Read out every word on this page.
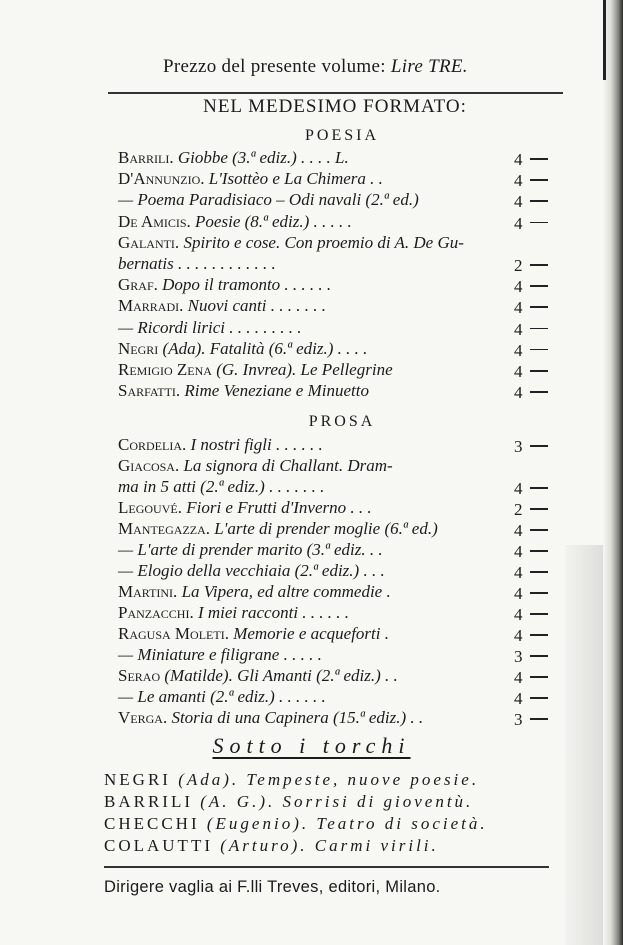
Prezzo del presente volume: Lire TRE.
NEL MEDESIMO FORMATO:
POESIA
Barrili. Giobbe (3.ª ediz.) . . . . L.	4
D'Annunzio. L'Isottèo e La Chimera . .	4
— Poema Paradisiaco – Odi navali (2.ª ed.)	4
De Amicis. Poesie (8.ª ediz.) . . . . .	4
Galanti. Spirito e cose. Con proemio di A. De Gu-
bernatis . . . . . . . . . . . .	2
Graf. Dopo il tramonto . . . . . .	4
Marradi. Nuovi canti . . . . . . .	4
— Ricordi lirici . . . . . . . . .	4
Negri (Ada). Fatalità (6.ª ediz.) . . . .	4
Remigio Zena (G. Invrea). Le Pellegrine	4
Sarfatti. Rime Veneziane e Minuetto	4
PROSA
Cordelia. I nostri figli . . . . . .	3
Giacosa. La signora di Challant. Dram-
ma in 5 atti (2.ª ediz.) . . . . . . .	4
Legouvé. Fiori e Frutti d'Inverno . . .	2
Mantegazza. L'arte di prender moglie (6.ª ed.)	4
— L'arte di prender marito (3.ª ediz. . .	4
— Elogio della vecchiaia (2.ª ediz.) . . .	4
Martini. La Vipera, ed altre commedie .	4
Panzacchi. I miei racconti . . . . . .	4
Ragusa Moleti. Memorie e acqueforti .	4
— Miniature e filigrane . . . . .	3
Serao (Matilde). Gli Amanti (2.ª ediz.) . .	4
— Le amanti (2.ª ediz.) . . . . . .	4
Verga. Storia di una Capinera (15.ª ediz.) . .	3
Sotto i torchi
NEGRI (Ada). Tempeste, nuove poesie.
BARRILI (A. G.). Sorrisi di gioventù.
CHECCHI (Eugenio). Teatro di società.
COLAUTTI (Arturo). Carmi virili.
Dirigere vaglia ai F.lli Treves, editori, Milano.
